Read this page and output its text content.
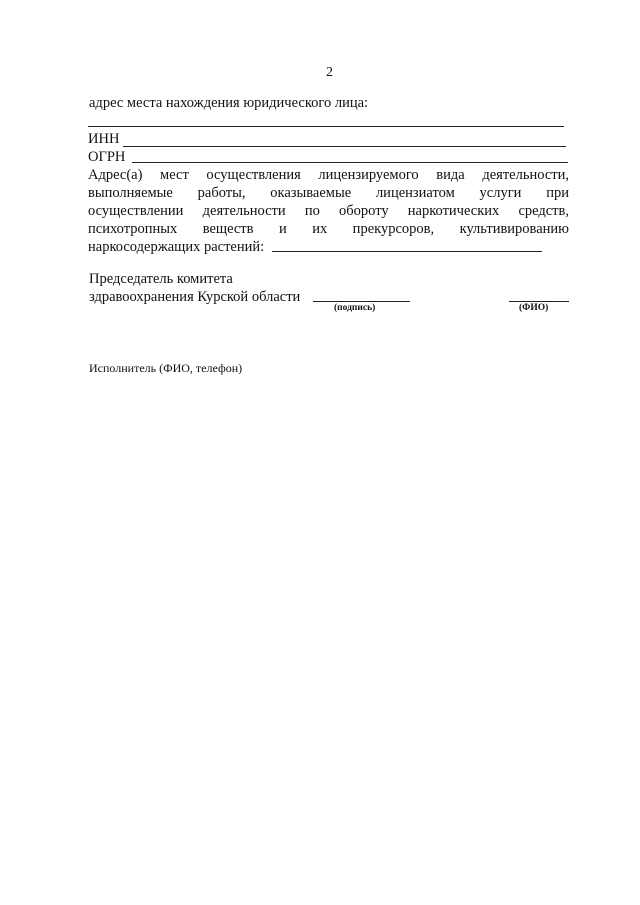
2
адрес места нахождения юридического лица:
ИНН
ОГРН
Адрес(а) мест осуществления лицензируемого вида деятельности,
выполняемые работы, оказываемые лицензиатом услуги при
осуществлении деятельности по обороту наркотических средств,
психотропных веществ и их прекурсоров, культивированию
наркосодержащих растений:
Председатель комитета
здравоохранения Курской области
(подпись)	(ФИО)
Исполнитель (ФИО, телефон)
